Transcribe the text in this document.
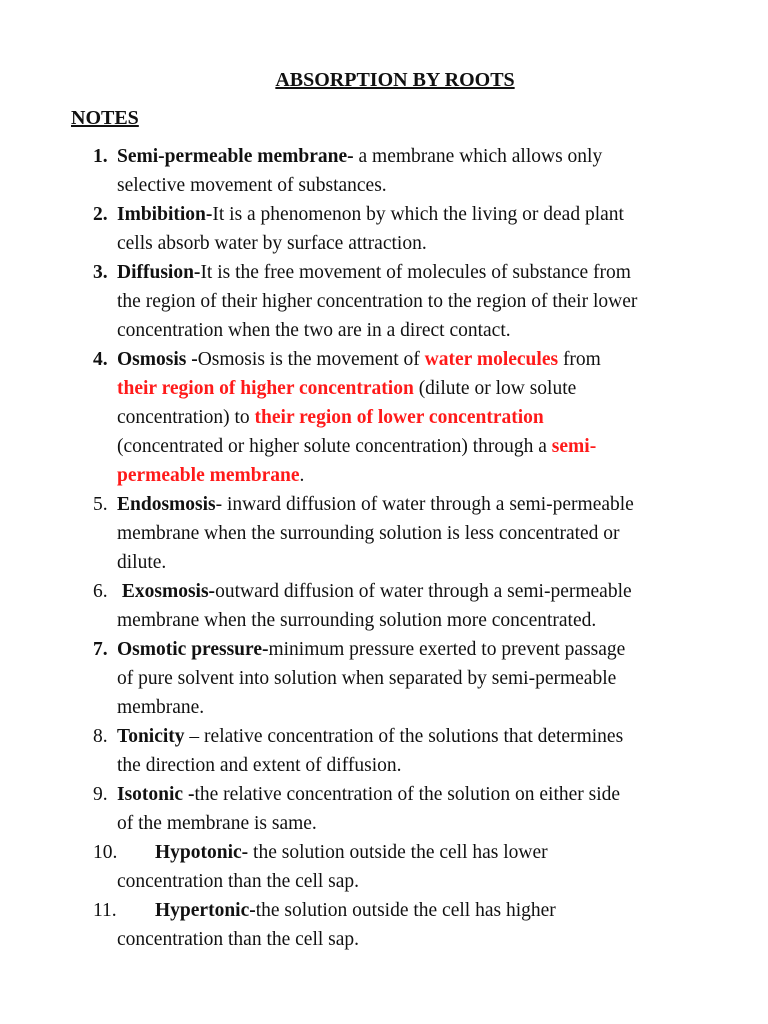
ABSORPTION BY ROOTS
NOTES
1. Semi-permeable membrane- a membrane which allows only
selective movement of substances.
2. Imbibition-It is a phenomenon by which the living or dead plant
cells absorb water by surface attraction.
3. Diffusion-It is the free movement of molecules of substance from
the region of their higher concentration to the region of their lower
concentration when the two are in a direct contact.
4. Osmosis -Osmosis is the movement of water molecules from
their region of higher concentration (dilute or low solute
concentration) to their region of lower concentration
(concentrated or higher solute concentration) through a semi-
permeable membrane.
5. Endosmosis- inward diffusion of water through a semi-permeable
membrane when the surrounding solution is less concentrated or
dilute.
6. Exosmosis-outward diffusion of water through a semi-permeable
membrane when the surrounding solution more concentrated.
7. Osmotic pressure-minimum pressure exerted to prevent passage
of pure solvent into solution when separated by semi-permeable
membrane.
8. Tonicity – relative concentration of the solutions that determines
the direction and extent of diffusion.
9. Isotonic -the relative concentration of the solution on either side
of the membrane is same.
10.	Hypotonic- the solution outside the cell has lower
concentration than the cell sap.
11.	Hypertonic-the solution outside the cell has higher
concentration than the cell sap.
